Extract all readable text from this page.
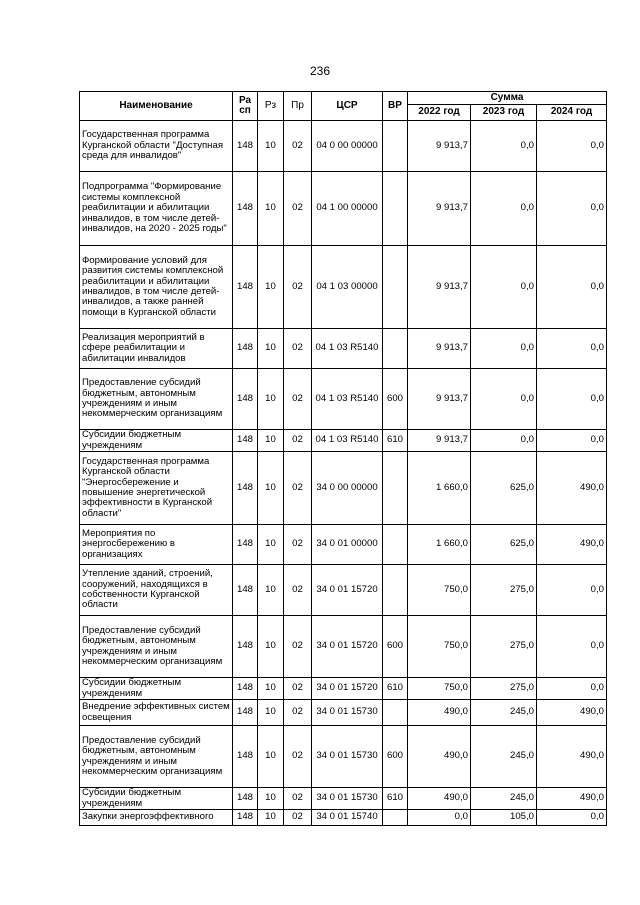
236
Наименование	Ра сп	Рз	Пр	ЦСР	ВР	Сумма		
						2022 год	2023 год	2024 год
Государственная программа Курганской области "Доступная среда для инвалидов"	148	10	02	04 0 00 00000		9 913,7	0,0	0,0
Подпрограмма "Формирование системы комплексной реабилитации и абилитации инвалидов, в том числе детей-инвалидов, на 2020 - 2025 годы"	148	10	02	04 1 00 00000		9 913,7	0,0	0,0
Формирование условий для развития системы комплексной реабилитации и абилитации инвалидов, в том числе детей-инвалидов, а также ранней помощи в Курганской области	148	10	02	04 1 03 00000		9 913,7	0,0	0,0
Реализация мероприятий в сфере реабилитации и абилитации инвалидов	148	10	02	04 1 03 R5140		9 913,7	0,0	0,0
Предоставление субсидий бюджетным, автономным учреждениям и иным некоммерческим организациям	148	10	02	04 1 03 R5140	600	9 913,7	0,0	0,0
Субсидии бюджетным учреждениям	148	10	02	04 1 03 R5140	610	9 913,7	0,0	0,0
Государственная программа Курганской области "Энергосбережение и повышение энергетической эффективности в Курганской области"	148	10	02	34 0 00 00000		1 660,0	625,0	490,0
Мероприятия по энергосбережению в организациях	148	10	02	34 0 01 00000		1 660,0	625,0	490,0
Утепление зданий, строений, сооружений, находящихся в собственности Курганской области	148	10	02	34 0 01 15720		750,0	275,0	0,0
Предоставление субсидий бюджетным, автономным учреждениям и иным некоммерческим организациям	148	10	02	34 0 01 15720	600	750,0	275,0	0,0
Субсидии бюджетным учреждениям	148	10	02	34 0 01 15720	610	750,0	275,0	0,0
Внедрение эффективных систем освещения	148	10	02	34 0 01 15730		490,0	245,0	490,0
Предоставление субсидий бюджетным, автономным учреждениям и иным некоммерческим организациям	148	10	02	34 0 01 15730	600	490,0	245,0	490,0
Субсидии бюджетным учреждениям	148	10	02	34 0 01 15730	610	490,0	245,0	490,0
Закупки энергоэффективного	148	10	02	34 0 01 15740		0,0	105,0	0,0
